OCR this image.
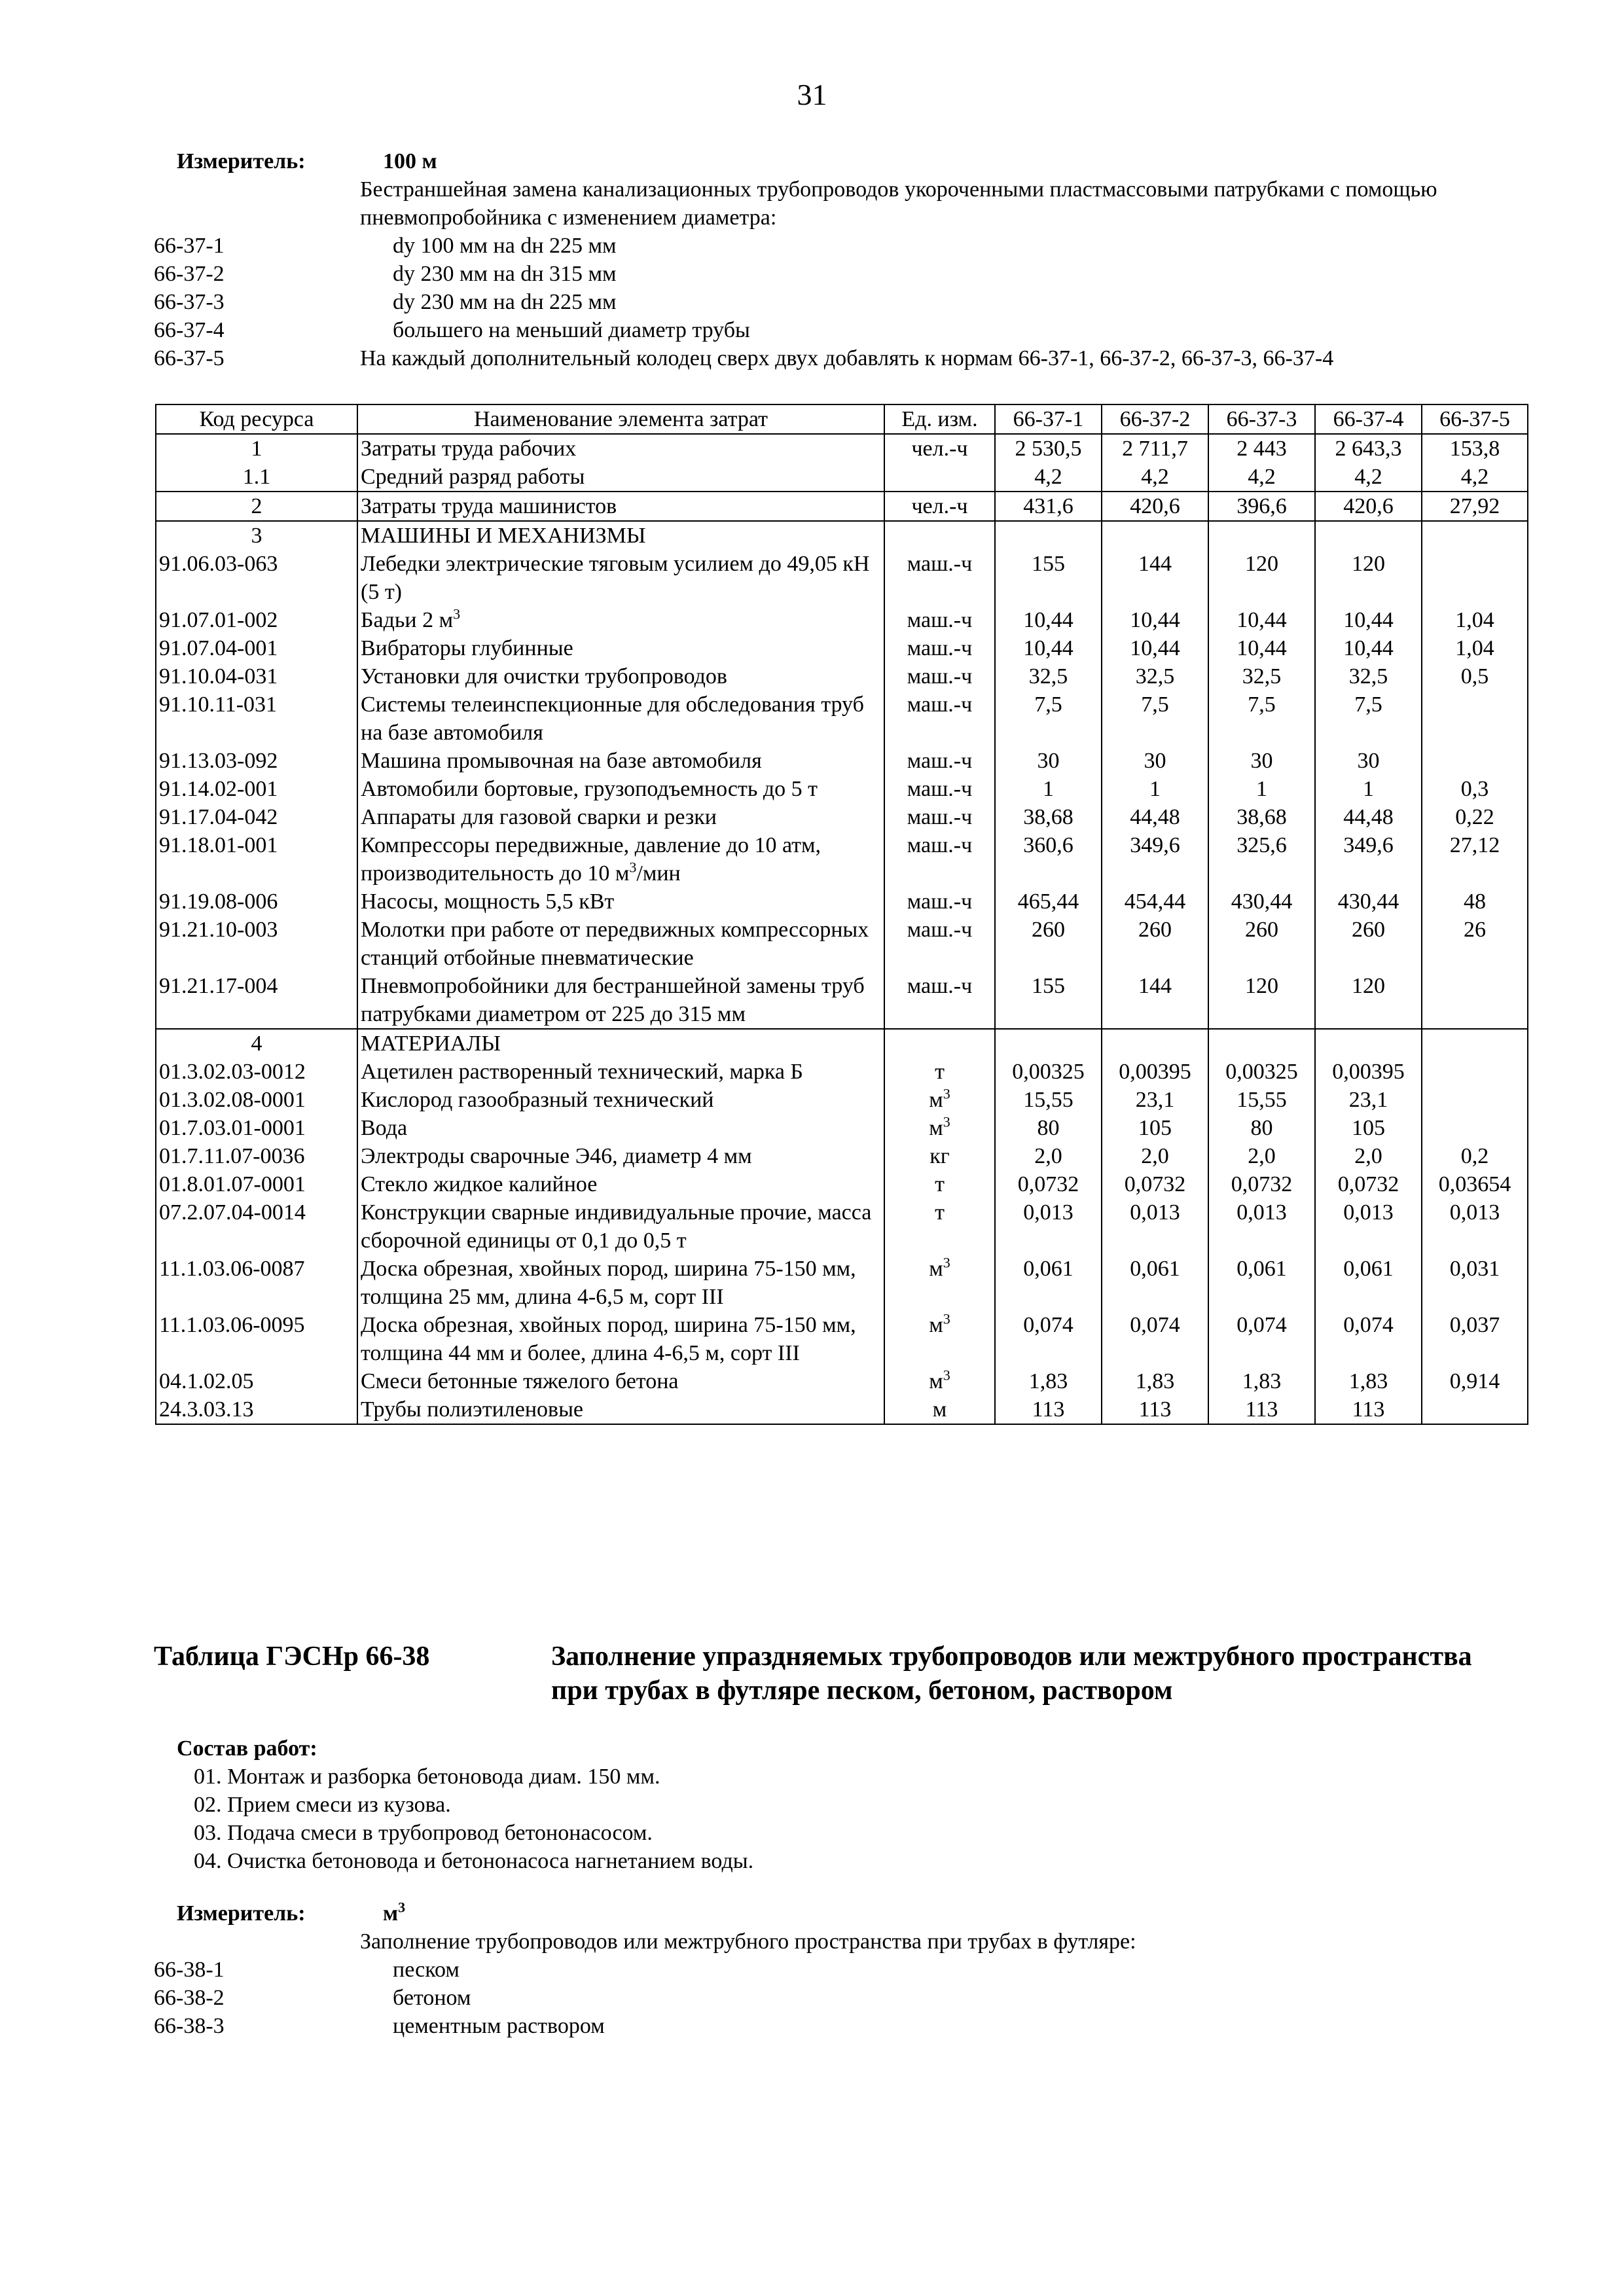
31
Измеритель:	100 м
Бестраншейная замена канализационных трубопроводов укороченными пластмассовыми патрубками с помощью пневмопробойника с изменением диаметра:
66-37-1	dy 100 мм на dн 225 мм
66-37-2	dy 230 мм на dн 315 мм
66-37-3	dy 230 мм на dн 225 мм
66-37-4	большего на меньший диаметр трубы
66-37-5	На каждый дополнительный колодец сверх двух добавлять к нормам 66-37-1, 66-37-2, 66-37-3, 66-37-4
Код ресурса	Наименование элемента затрат	Ед. изм.	66-37-1	66-37-2	66-37-3	66-37-4	66-37-5
1	Затраты труда рабочих	чел.-ч	2 530,5	2 711,7	2 443	2 643,3	153,8
1.1	Средний разряд работы		4,2	4,2	4,2	4,2	4,2
2	Затраты труда машинистов	чел.-ч	431,6	420,6	396,6	420,6	27,92
3	МАШИНЫ И МЕХАНИЗМЫ						
91.06.03-063	Лебедки электрические тяговым усилием до 49,05 кН (5 т)	маш.-ч	155	144	120	120	
91.07.01-002	Бадьи 2 $м^3$	маш.-ч	10,44	10,44	10,44	10,44	1,04
91.07.04-001	Вибраторы глубинные	маш.-ч	10,44	10,44	10,44	10,44	1,04
91.10.04-031	Установки для очистки трубопроводов	маш.-ч	32,5	32,5	32,5	32,5	0,5
91.10.11-031	Системы телеинспекционные для обследования труб на базе автомобиля	маш.-ч	7,5	7,5	7,5	7,5	
91.13.03-092	Машина промывочная на базе автомобиля	маш.-ч	30	30	30	30	
91.14.02-001	Автомобили бортовые, грузоподъемность до 5 т	маш.-ч	1	1	1	1	0,3
91.17.04-042	Аппараты для газовой сварки и резки	маш.-ч	38,68	44,48	38,68	44,48	0,22
91.18.01-001	Компрессоры передвижные, давление до 10 атм, производительность до 10 $м^3$/мин	маш.-ч	360,6	349,6	325,6	349,6	27,12
91.19.08-006	Насосы, мощность 5,5 кВт	маш.-ч	465,44	454,44	430,44	430,44	48
91.21.10-003	Молотки при работе от передвижных компрессорных станций отбойные пневматические	маш.-ч	260	260	260	260	26
91.21.17-004	Пневмопробойники для бестраншейной замены труб патрубками диаметром от 225 до 315 мм	маш.-ч	155	144	120	120	
4	МАТЕРИАЛЫ						
01.3.02.03-0012	Ацетилен растворенный технический, марка Б	т	0,00325	0,00395	0,00325	0,00395	
01.3.02.08-0001	Кислород газообразный технический	$м^3$	15,55	23,1	15,55	23,1	
01.7.03.01-0001	Вода	$м^3$	80	105	80	105	
01.7.11.07-0036	Электроды сварочные Э46, диаметр 4 мм	кг	2,0	2,0	2,0	2,0	0,2
01.8.01.07-0001	Стекло жидкое калийное	т	0,0732	0,0732	0,0732	0,0732	0,03654
07.2.07.04-0014	Конструкции сварные индивидуальные прочие, масса сборочной единицы от 0,1 до 0,5 т	т	0,013	0,013	0,013	0,013	0,013
11.1.03.06-0087	Доска обрезная, хвойных пород, ширина 75-150 мм, толщина 25 мм, длина 4-6,5 м, сорт III	$м^3$	0,061	0,061	0,061	0,061	0,031
11.1.03.06-0095	Доска обрезная, хвойных пород, ширина 75-150 мм, толщина 44 мм и более, длина 4-6,5 м, сорт III	$м^3$	0,074	0,074	0,074	0,074	0,037
04.1.02.05	Смеси бетонные тяжелого бетона	$м^3$	1,83	1,83	1,83	1,83	0,914
24.3.03.13	Трубы полиэтиленовые	м	113	113	113	113	
Таблица ГЭСНр 66-38	Заполнение упраздняемых трубопроводов или межтрубного пространства при трубах в футляре песком, бетоном, раствором
Состав работ:
01. Монтаж и разборка бетоновода диам. 150 мм.
02. Прием смеси из кузова.
03. Подача смеси в трубопровод бетононасосом.
04. Очистка бетоновода и бетононасоса нагнетанием воды.
Измеритель:	$м^3$
Заполнение трубопроводов или межтрубного пространства при трубах в футляре:
66-38-1	песком
66-38-2	бетоном
66-38-3	цементным раствором
